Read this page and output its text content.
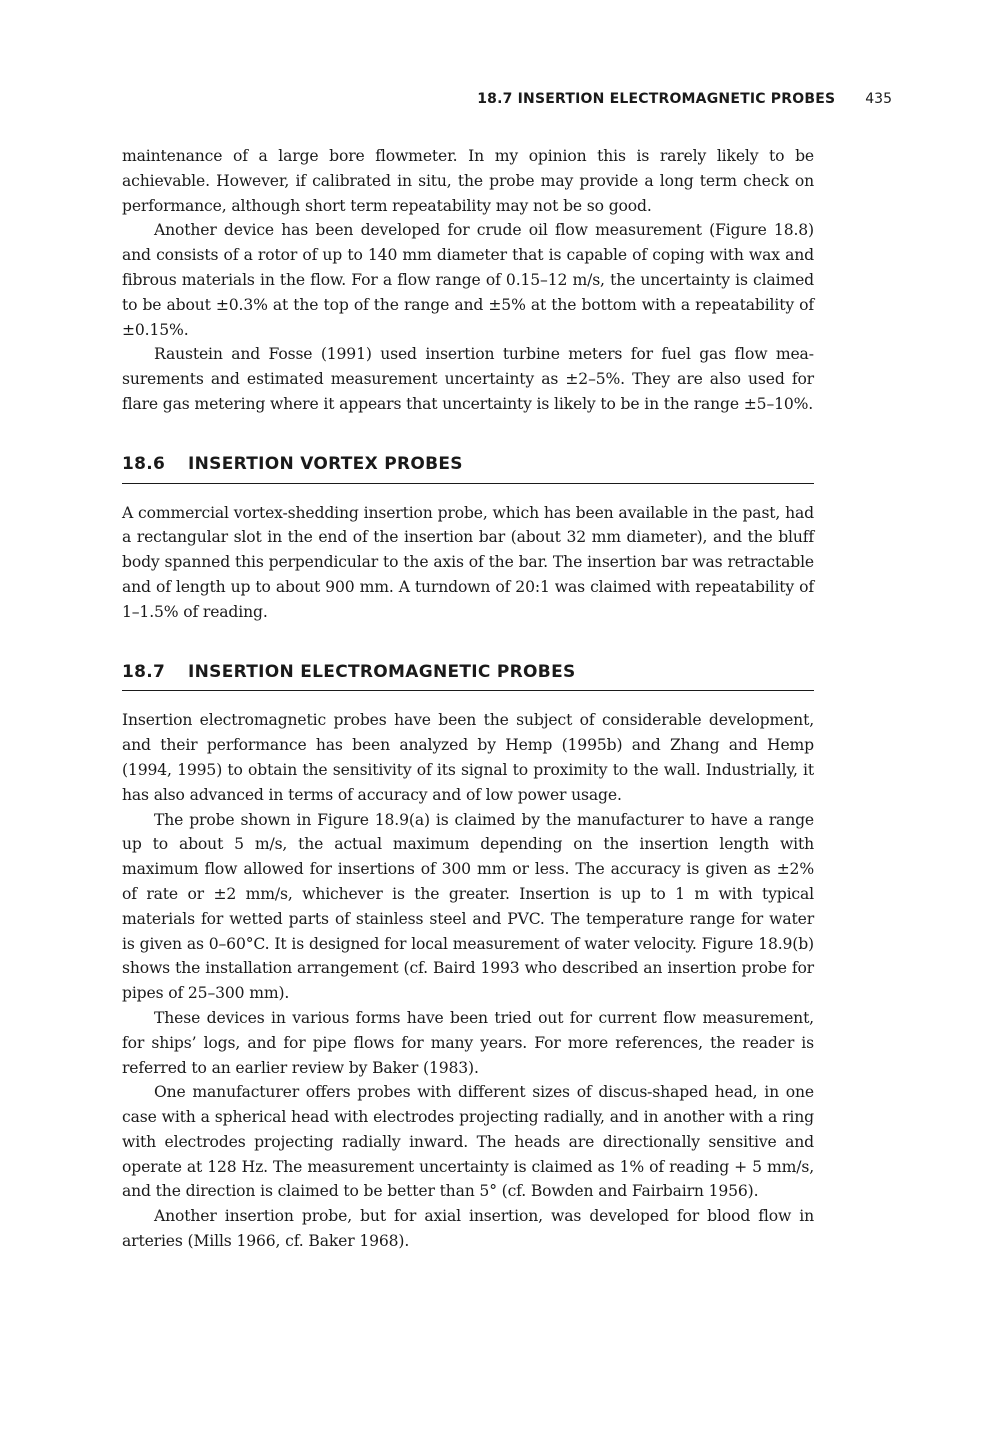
18.7 INSERTION ELECTROMAGNETIC PROBES 435

maintenance of a large bore flowmeter. In my opinion this is rarely likely to be achievable. However, if calibrated in situ, the probe may provide a long term check on performance, although short term repeatability may not be so good.

Another device has been developed for crude oil flow measurement (Figure 18.8) and consists of a rotor of up to 140 mm diameter that is capable of coping with wax and fibrous materials in the flow. For a flow range of 0.15–12 m/s, the uncertainty is claimed to be about ±0.3% at the top of the range and ±5% at the bottom with a repeatability of ±0.15%.

Raustein and Fosse (1991) used insertion turbine meters for fuel gas flow measurements and estimated measurement uncertainty as ±2–5%. They are also used for flare gas metering where it appears that uncertainty is likely to be in the range ±5–10%.

18.6 INSERTION VORTEX PROBES

A commercial vortex-shedding insertion probe, which has been available in the past, had a rectangular slot in the end of the insertion bar (about 32 mm diameter), and the bluff body spanned this perpendicular to the axis of the bar. The insertion bar was retractable and of length up to about 900 mm. A turndown of 20:1 was claimed with repeatability of 1–1.5% of reading.

18.7 INSERTION ELECTROMAGNETIC PROBES

Insertion electromagnetic probes have been the subject of considerable development, and their performance has been analyzed by Hemp (1995b) and Zhang and Hemp (1994, 1995) to obtain the sensitivity of its signal to proximity to the wall. Industrially, it has also advanced in terms of accuracy and of low power usage.

The probe shown in Figure 18.9(a) is claimed by the manufacturer to have a range up to about 5 m/s, the actual maximum depending on the insertion length with maximum flow allowed for insertions of 300 mm or less. The accuracy is given as ±2% of rate or ±2 mm/s, whichever is the greater. Insertion is up to 1 m with typical materials for wetted parts of stainless steel and PVC. The temperature range for water is given as 0–60°C. It is designed for local measurement of water velocity. Figure 18.9(b) shows the installation arrangement (cf. Baird 1993 who described an insertion probe for pipes of 25–300 mm).

These devices in various forms have been tried out for current flow measurement, for ships’ logs, and for pipe flows for many years. For more references, the reader is referred to an earlier review by Baker (1983).

One manufacturer offers probes with different sizes of discus-shaped head, in one case with a spherical head with electrodes projecting radially, and in another with a ring with electrodes projecting radially inward. The heads are directionally sensitive and operate at 128 Hz. The measurement uncertainty is claimed as 1% of reading + 5 mm/s, and the direction is claimed to be better than 5° (cf. Bowden and Fairbairn 1956).

Another insertion probe, but for axial insertion, was developed for blood flow in arteries (Mills 1966, cf. Baker 1968).
